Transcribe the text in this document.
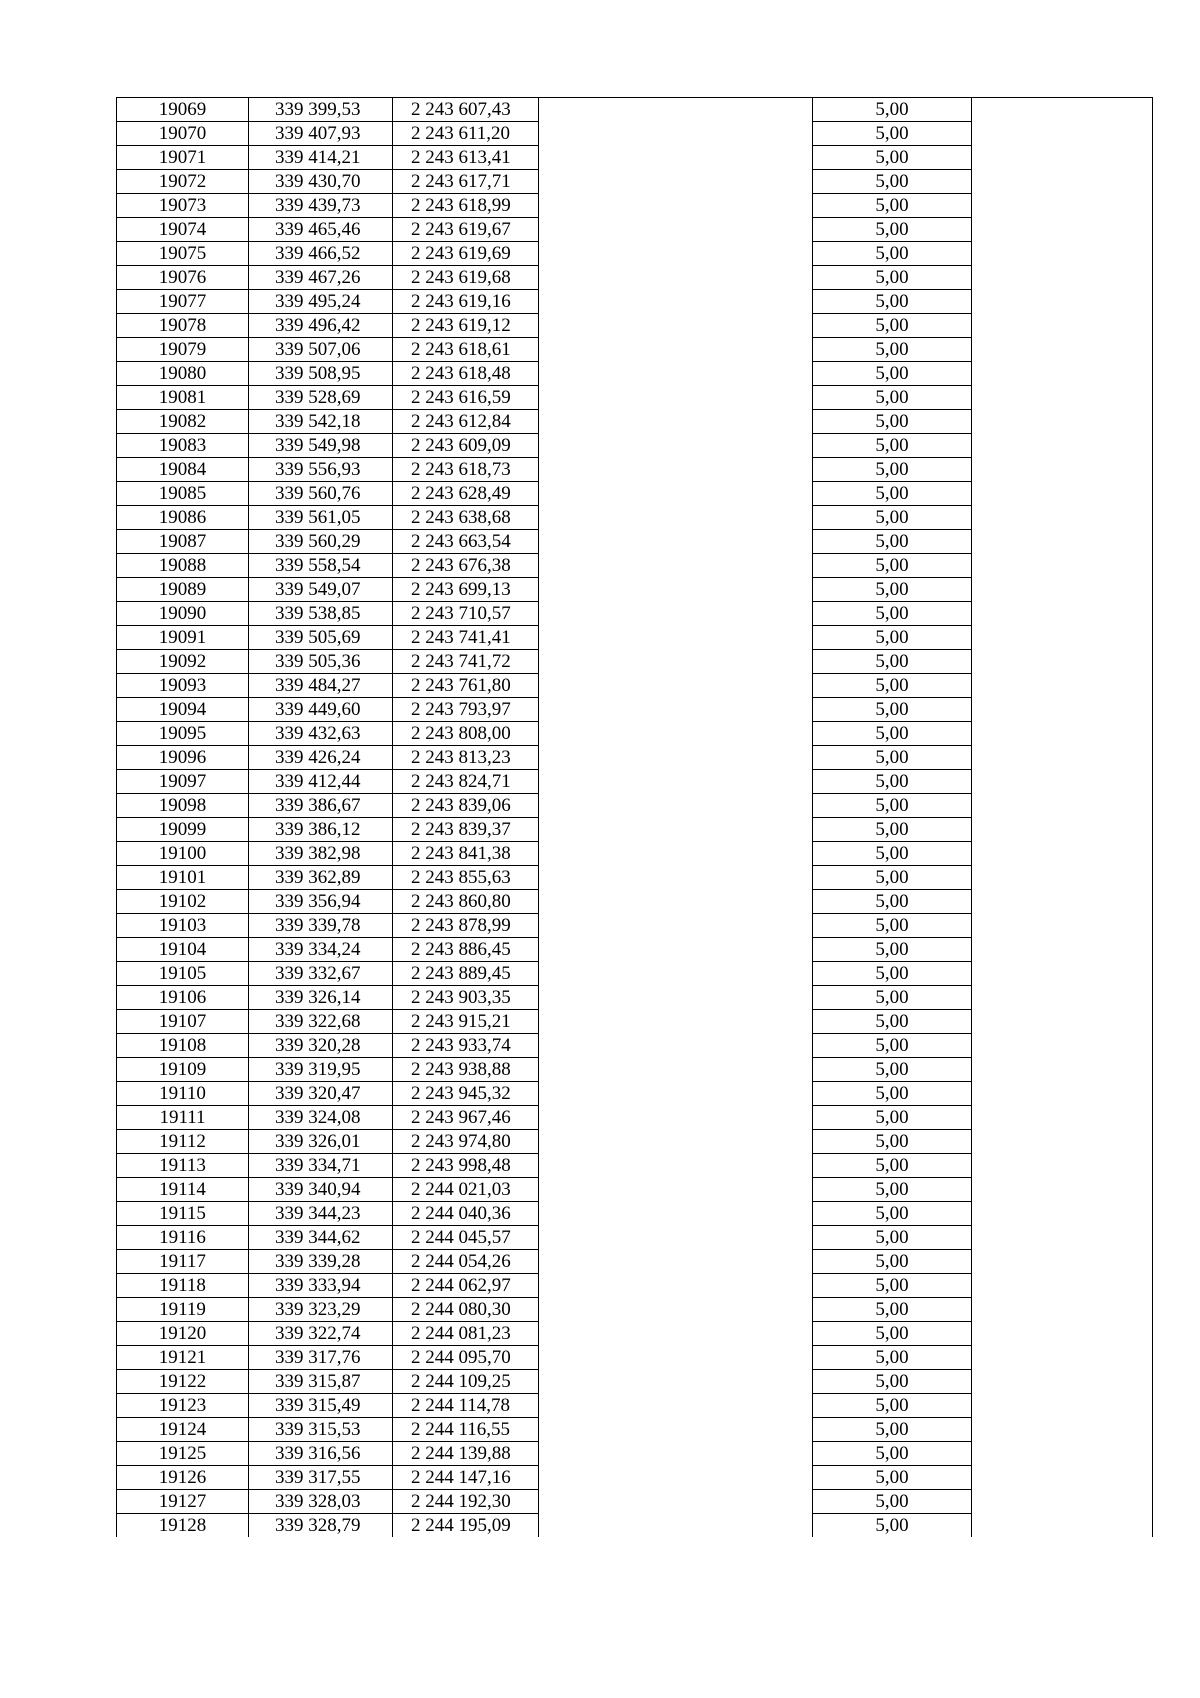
19069	339 399,53	2 243 607,43		5,00	
19070	339 407,93	2 243 611,20		5,00	
19071	339 414,21	2 243 613,41		5,00	
19072	339 430,70	2 243 617,71		5,00	
19073	339 439,73	2 243 618,99		5,00	
19074	339 465,46	2 243 619,67		5,00	
19075	339 466,52	2 243 619,69		5,00	
19076	339 467,26	2 243 619,68		5,00	
19077	339 495,24	2 243 619,16		5,00	
19078	339 496,42	2 243 619,12		5,00	
19079	339 507,06	2 243 618,61		5,00	
19080	339 508,95	2 243 618,48		5,00	
19081	339 528,69	2 243 616,59		5,00	
19082	339 542,18	2 243 612,84		5,00	
19083	339 549,98	2 243 609,09		5,00	
19084	339 556,93	2 243 618,73		5,00	
19085	339 560,76	2 243 628,49		5,00	
19086	339 561,05	2 243 638,68		5,00	
19087	339 560,29	2 243 663,54		5,00	
19088	339 558,54	2 243 676,38		5,00	
19089	339 549,07	2 243 699,13		5,00	
19090	339 538,85	2 243 710,57		5,00	
19091	339 505,69	2 243 741,41		5,00	
19092	339 505,36	2 243 741,72		5,00	
19093	339 484,27	2 243 761,80		5,00	
19094	339 449,60	2 243 793,97		5,00	
19095	339 432,63	2 243 808,00		5,00	
19096	339 426,24	2 243 813,23		5,00	
19097	339 412,44	2 243 824,71		5,00	
19098	339 386,67	2 243 839,06		5,00	
19099	339 386,12	2 243 839,37		5,00	
19100	339 382,98	2 243 841,38		5,00	
19101	339 362,89	2 243 855,63		5,00	
19102	339 356,94	2 243 860,80		5,00	
19103	339 339,78	2 243 878,99		5,00	
19104	339 334,24	2 243 886,45		5,00	
19105	339 332,67	2 243 889,45		5,00	
19106	339 326,14	2 243 903,35		5,00	
19107	339 322,68	2 243 915,21		5,00	
19108	339 320,28	2 243 933,74		5,00	
19109	339 319,95	2 243 938,88		5,00	
19110	339 320,47	2 243 945,32		5,00	
19111	339 324,08	2 243 967,46		5,00	
19112	339 326,01	2 243 974,80		5,00	
19113	339 334,71	2 243 998,48		5,00	
19114	339 340,94	2 244 021,03		5,00	
19115	339 344,23	2 244 040,36		5,00	
19116	339 344,62	2 244 045,57		5,00	
19117	339 339,28	2 244 054,26		5,00	
19118	339 333,94	2 244 062,97		5,00	
19119	339 323,29	2 244 080,30		5,00	
19120	339 322,74	2 244 081,23		5,00	
19121	339 317,76	2 244 095,70		5,00	
19122	339 315,87	2 244 109,25		5,00	
19123	339 315,49	2 244 114,78		5,00	
19124	339 315,53	2 244 116,55		5,00	
19125	339 316,56	2 244 139,88		5,00	
19126	339 317,55	2 244 147,16		5,00	
19127	339 328,03	2 244 192,30		5,00	
19128	339 328,79	2 244 195,09		5,00	
